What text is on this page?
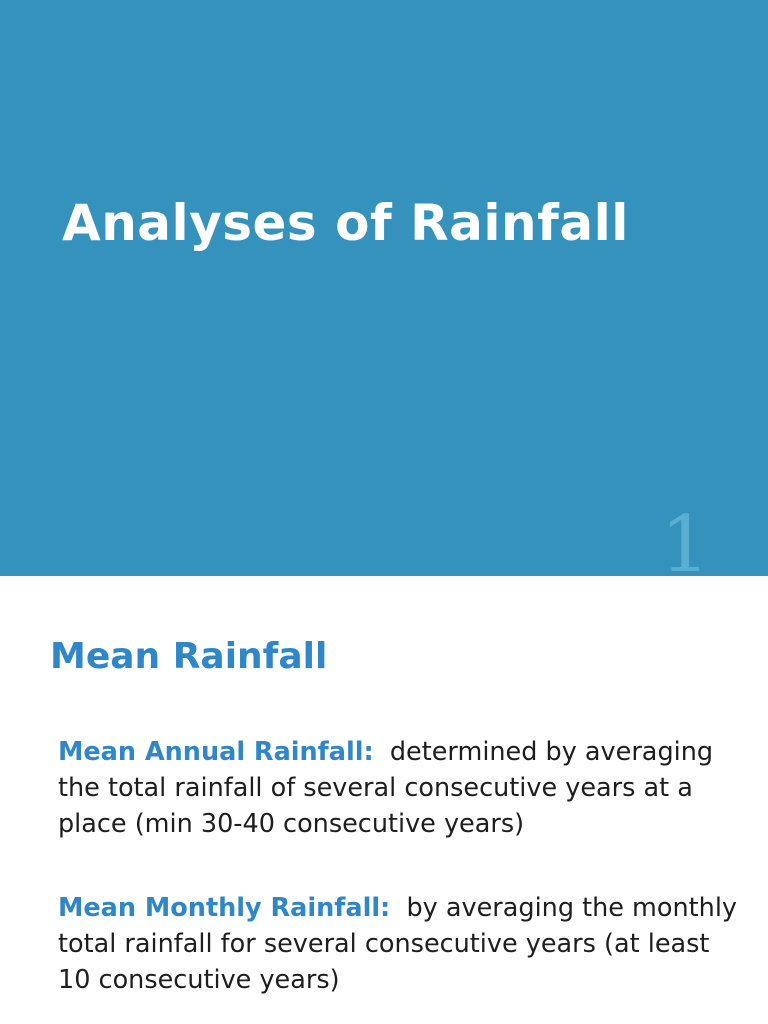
Analyses of Rainfall
1
Mean Rainfall

Mean Annual Rainfall: determined by averaging the total rainfall of several consecutive years at a place (min 30-40 consecutive years)

Mean Monthly Rainfall: by averaging the monthly total rainfall for several consecutive years (at least 10 consecutive years)
